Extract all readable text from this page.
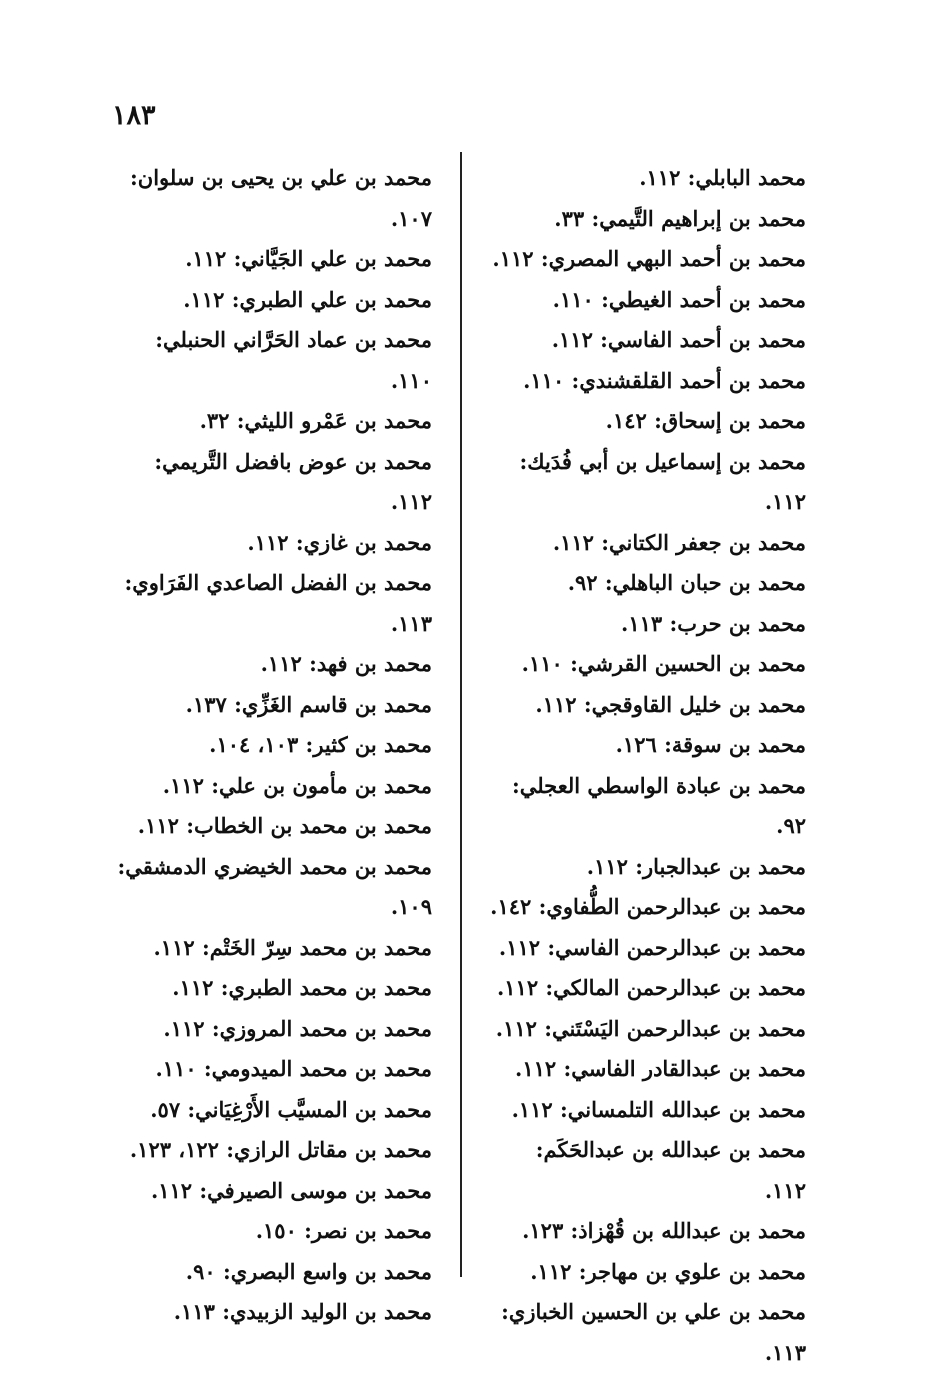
١٨٣
محمد البابلي: ١١٢.
محمد بن إبراهيم التَّيمي: ٣٣.
محمد بن أحمد البهي المصري: ١١٢.
محمد بن أحمد الغيطي: ١١٠.
محمد بن أحمد الفاسي: ١١٢.
محمد بن أحمد القلقشندي: ١١٠.
محمد بن إسحاق: ١٤٢.
محمد بن إسماعيل بن أبي فُدَيك: ١١٢.
محمد بن جعفر الكتاني: ١١٢.
محمد بن حبان الباهلي: ٩٢.
محمد بن حرب: ١١٣.
محمد بن الحسين القرشي: ١١٠.
محمد بن خليل القاوقجي: ١١٢.
محمد بن سوقة: ١٢٦.
محمد بن عبادة الواسطي العجلي: ٩٢.
محمد بن عبدالجبار: ١١٢.
محمد بن عبدالرحمن الطُّفاوي: ١٤٢.
محمد بن عبدالرحمن الفاسي: ١١٢.
محمد بن عبدالرحمن المالكي: ١١٢.
محمد بن عبدالرحمن اليَسْتَني: ١١٢.
محمد بن عبدالقادر الفاسي: ١١٢.
محمد بن عبدالله التلمساني: ١١٢.
محمد بن عبدالله بن عبدالحَكَم: ١١٢.
محمد بن عبدالله بن قُهْزاذ: ١٢٣.
محمد بن علوي بن مهاجر: ١١٢.
محمد بن علي بن الحسين الخبازي: ١١٣.
محمد بن علي بن يحيى بن سلوان: ١٠٧.
محمد بن علي الجَيَّاني: ١١٢.
محمد بن علي الطبري: ١١٢.
محمد بن عماد الحَرَّاني الحنبلي: ١١٠.
محمد بن عَمْرو الليثي: ٣٢.
محمد بن عوض بافضل التَّريمي: ١١٢.
محمد بن غازي: ١١٢.
محمد بن الفضل الصاعدي الفَرَاوي: ١١٣.
محمد بن فهد: ١١٢.
محمد بن قاسم الغَزِّي: ١٣٧.
محمد بن كثير: ١٠٣، ١٠٤.
محمد بن مأمون بن علي: ١١٢.
محمد بن محمد بن الخطاب: ١١٢.
محمد بن محمد الخيضري الدمشقي: ١٠٩.
محمد بن محمد سِرّ الخَتْم: ١١٢.
محمد بن محمد الطبري: ١١٢.
محمد بن محمد المروزي: ١١٢.
محمد بن محمد الميدومي: ١١٠.
محمد بن المسيَّب الأَرْغِيَاني: ٥٧.
محمد بن مقاتل الرازي: ١٢٢، ١٢٣.
محمد بن موسى الصيرفي: ١١٢.
محمد بن نصر: ١٥٠.
محمد بن واسع البصري: ٩٠.
محمد بن الوليد الزبيدي: ١١٣.
